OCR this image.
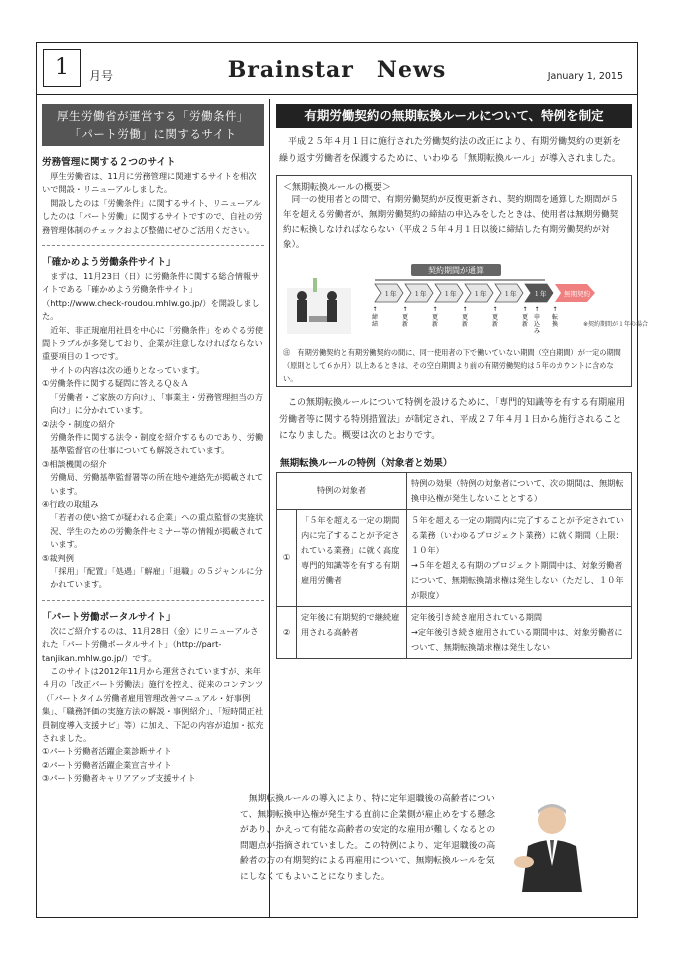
1	月号	Brainstar　News	January 1, 2015
厚生労働省が運営する「労働条件」
「パート労働」に関するサイト
労務管理に関する２つのサイト
厚生労働省は、11月に労務管理に関連するサイトを相次いで開設・リニューアルしました。
開設したのは「労働条件」に関するサイト、リニューアルしたのは「パート労働」に関するサイトですので、自社の労務管理体制のチェックおよび整備にぜひご活用ください。
「確かめよう労働条件サイト」
まずは、11月23日（日）に労働条件に関する総合情報サイトである「確かめよう労働条件サイト」（http://www.check-roudou.mhlw.go.jp/）を開設しました。
近年、非正規雇用社員を中心に「労働条件」をめぐる労使間トラブルが多発しており、企業が注意しなければならない重要項目の１つです。
サイトの内容は次の通りとなっています。
①労働条件に関する疑問に答えるＱ＆Ａ
「労働者・ご家族の方向け」、「事業主・労務管理担当の方向け」に分かれています。
②法令・制度の紹介
労働条件に関する法令・制度を紹介するものであり、労働基準監督官の仕事についても解説されています。
③相談機関の紹介
労働局、労働基準監督署等の所在地や連絡先が掲載されています。
④行政の取組み
「若者の使い捨てが疑われる企業」への重点監督の実施状況、学生のための労働条件セミナー等の情報が掲載されています。
⑤裁判例
「採用」「配置」「処遇」「解雇」「退職」の５ジャンルに分かれています。
「パート労働ポータルサイト」
次にご紹介するのは、11月28日（金）にリニューアルされた「パート労働ポータルサイト」（http://part-tanjikan.mhlw.go.jp/）です。
このサイトは2012年11月から運営されていますが、来年４月の「改正パート労働法」施行を控え、従来のコンテンツ（「パートタイム労働者雇用管理改善マニュアル・好事例集」、「職務評価の実施方法の解説・事例紹介」、「短時間正社員制度導入支援ナビ」等）に加え、下記の内容が追加・拡充されました。
①パート労働者活躍企業診断サイト
②パート労働者活躍企業宣言サイト
③パート労働者キャリアアップ支援サイト
有期労働契約の無期転換ルールについて、特例を制定
平成２５年４月１日に施行された労働契約法の改正により、有期労働契約の更新を繰り返す労働者を保護するために、いわゆる「無期転換ルール」が導入されました。
＜無期転換ルールの概要＞
同一の使用者との間で、有期労働契約が反復更新され、契約期間を通算した期間が５年を超える労働者が、無期労働契約の締結の申込みをしたときは、使用者は無期労働契約に転換しなければならない（平成２５年４月１日以後に締結した有期労働契約が対象）。
契約期間が通算
１年	１年	１年	１年	１年	１年	無期契約
↑
締
結
↑
更
新
↑
更
新
↑
更
新
↑
更
新
↑
更
新
↑
申
込
み
↑
転
換	※契約期間が１年の場合
㊟　有期労働契約と有期労働契約の間に、同一使用者の下で働いていない期間（空白期間）が一定の期間（原則として６か月）以上あるときは、その空白期間より前の有期労働契約は５年のカウントに含めない。
この無期転換ルールについて特例を設けるために、「専門的知識等を有する有期雇用労働者等に関する特別措置法」が制定され、平成２７年４月１日から施行されることになりました。概要は次のとおりです。
無期転換ルールの特例（対象者と効果）
特例の対象者		特例の効果（特例の対象者について、次の期間は、無期転換申込権が発生しないこととする）
①	「５年を超える一定の期間内に完了することが予定されている業務」に就く高度専門的知識等を有する有期雇用労働者	５年を超える一定の期間内に完了することが予定されている業務（いわゆるプロジェクト業務）に就く期間（上限：１０年）
→５年を超える有期のプロジェクト期間中は、対象労働者について、無期転換請求権は発生しない（ただし、１０年が限度）

②	定年後に有期契約で継続雇用される高齢者	定年後引き続き雇用されている期間
→定年後引き続き雇用されている期間中は、対象労働者について、無期転換請求権は発生しない
無期転換ルールの導入により、特に定年退職後の高齢者について、無期転換申込権が発生する直前に企業側が雇止めをする懸念があり、かえって有能な高齢者の安定的な雇用が難しくなるとの問題点が指摘されていました。この特例により、定年退職後の高齢者の方の有期契約による再雇用について、無期転換ルールを気にしなくてもよいことになりました。
